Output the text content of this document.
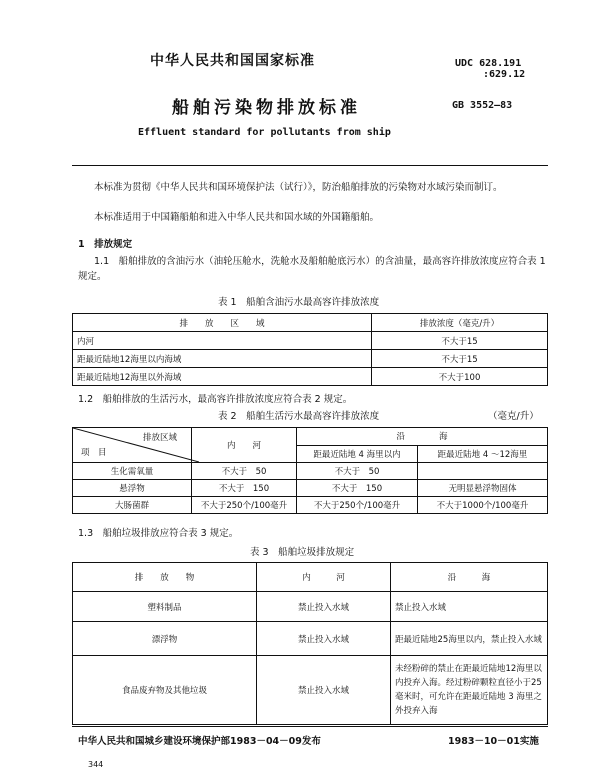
中华人民共和国国家标准	UDC 628.191
:629.12
船舶污染物排放标准	GB 3552—83
Effluent standard for pollutants from ship
本标准为贯彻《中华人民共和国环境保护法（试行）》，防治船舶排放的污染物对水域污染而制订。
本标准适用于中国籍船舶和进入中华人民共和国水域的外国籍船舶。
1　排放规定
1.1　船舶排放的含油污水（油轮压舱水，洗舱水及船舶舱底污水）的含油量，最高容许排放浓度应符合表 1 规定。
表 1　船舶含油污水最高容许排放浓度
排　　放　　区　　域	排放浓度（毫克/升）
内河	不大于15
距最近陆地12海里以内海域	不大于15
距最近陆地12海里以外海域	不大于100
1.2　船舶排放的生活污水，最高容许排放浓度应符合表 2 规定。
表 2　船舶生活污水最高容许排放浓度	（毫克/升）
排放区域
项　目	内　　河	沿　　　　海	
		距最近陆地 4 海里以内	距最近陆地 4 ～12海里
生化需氧量	不大于　50	不大于　50	
悬浮物	不大于　150	不大于　150	无明显悬浮物固体
大肠菌群	不大于250个/100毫升	不大于250个/100毫升	不大于1000个/100毫升
1.3　船舶垃圾排放应符合表 3 规定。
表 3　船舶垃圾排放规定
排　　放　　物	内　　　河	沿　　　海
塑料制品	禁止投入水域	禁止投入水域
漂浮物	禁止投入水域	距最近陆地25海里以内，禁止投入水域
食品废弃物及其他垃圾	禁止投入水域	未经粉碎的禁止在距最近陆地12海里以内投弃入海。经过粉碎颗粒直径小于25毫米时，可允许在距最近陆地 3 海里之外投弃入海
中华人民共和国城乡建设环境保护部1983－04－09发布	1983－10－01实施
344
